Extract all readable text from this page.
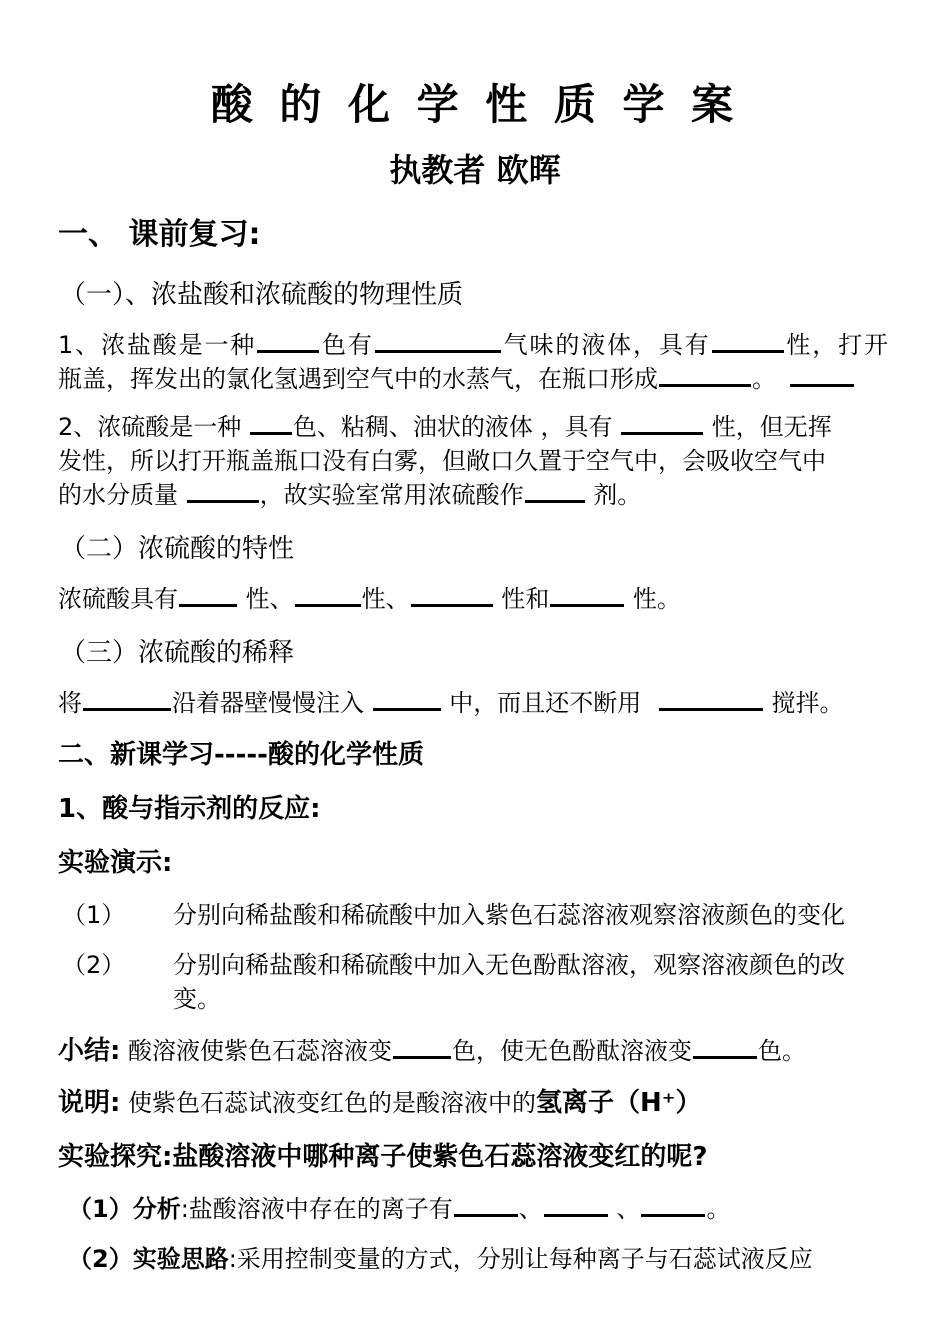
酸 的 化 学 性 质 学 案
执教者 欧晖
一、 课前复习:
（一）、浓盐酸和浓硫酸的物理性质
1、浓盐酸是一种	色有	气味的液体，具有	性，打开
瓶盖，挥发出的氯化氢遇到空气中的水蒸气，在瓶口形成	。
2、浓硫酸是一种 色、粘稠、油状的液体 ，具有	性，但无挥
发性，所以打开瓶盖瓶口没有白雾，但敞口久置于空气中，会吸收空气中
的水分质量	，故实验室常用浓硫酸作	剂。
（二）浓硫酸的特性
浓硫酸具有	性、	性、	性和	性。
（三）浓硫酸的稀释
将	沿着器壁慢慢注入	中，而且还不断用	搅拌。
二、新课学习-----酸的化学性质
1、酸与指示剂的反应:
实验演示:
（1） 分别向稀盐酸和稀硫酸中加入紫色石蕊溶液观察溶液颜色的变化
（2） 分别向稀盐酸和稀硫酸中加入无色酚酞溶液，观察溶液颜色的改
变。
小结: 酸溶液使紫色石蕊溶液变	色，使无色酚酞溶液变	色。
说明: 使紫色石蕊试液变红色的是酸溶液中的氢离子（H⁺）
实验探究:盐酸溶液中哪种离子使紫色石蕊溶液变红的呢?
（1）分析:盐酸溶液中存在的离子有	、	、	。
（2）实验思路:采用控制变量的方式，分别让每种离子与石蕊试液反应
